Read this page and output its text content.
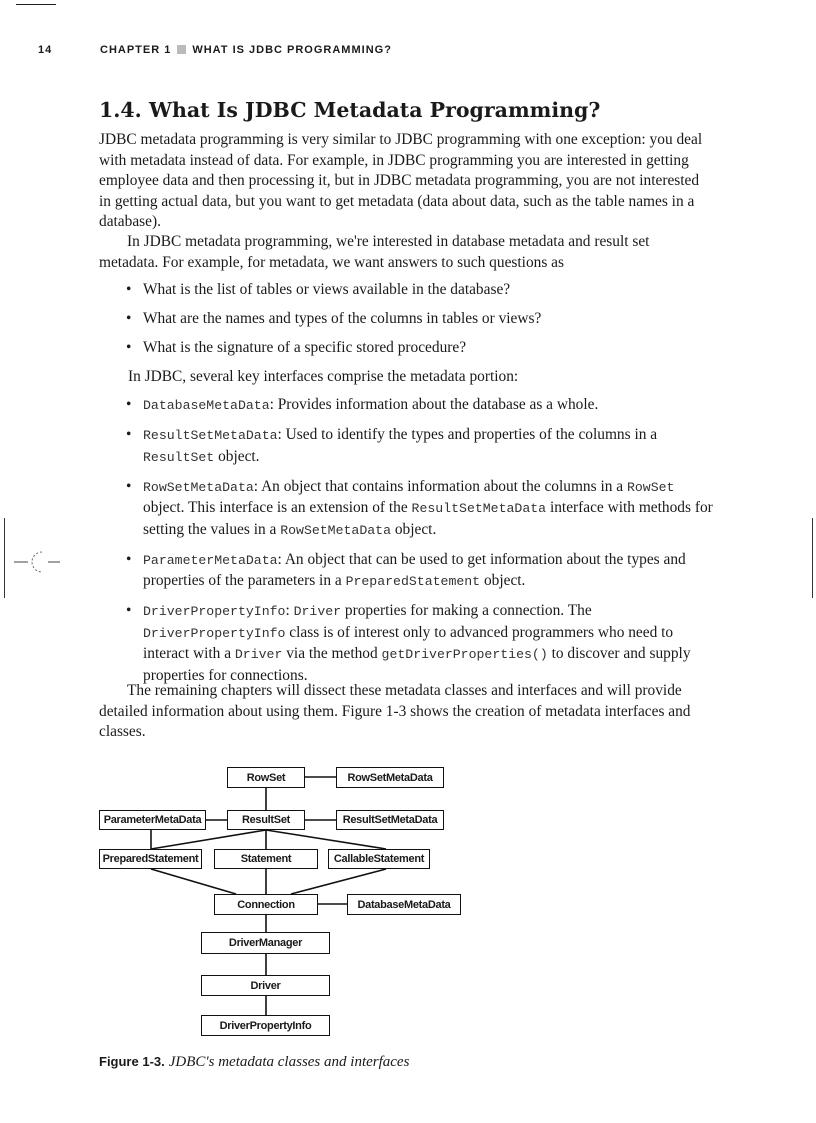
14	CHAPTER 1 WHAT IS JDBC PROGRAMMING?
1.4. What Is JDBC Metadata Programming?

JDBC metadata programming is very similar to JDBC programming with one exception: you deal with metadata instead of data. For example, in JDBC programming you are interested in getting employee data and then processing it, but in JDBC metadata programming, you are not interested in getting actual data, but you want to get metadata (data about data, such as the table names in a database).

In JDBC metadata programming, we're interested in database metadata and result set metadata. For example, for metadata, we want answers to such questions as

• What is the list of tables or views available in the database?
• What are the names and types of the columns in tables or views?
• What is the signature of a specific stored procedure?

In JDBC, several key interfaces comprise the metadata portion:

• DatabaseMetaData: Provides information about the database as a whole.
• ResultSetMetaData: Used to identify the types and properties of the columns in a ResultSet object.
• RowSetMetaData: An object that contains information about the columns in a RowSet object. This interface is an extension of the ResultSetMetaData interface with methods for setting the values in a RowSetMetaData object.
• ParameterMetaData: An object that can be used to get information about the types and properties of the parameters in a PreparedStatement object.
• DriverPropertyInfo: Driver properties for making a connection. The DriverPropertyInfo class is of interest only to advanced programmers who need to interact with a Driver via the method getDriverProperties() to discover and supply properties for connections.

The remaining chapters will dissect these metadata classes and interfaces and will provide detailed information about using them. Figure 1-3 shows the creation of metadata interfaces and classes.

RowSet	RowSetMetaData
ParameterMetaData	ResultSet	ResultSetMetaData
PreparedStatement	Statement	CallableStatement
Connection	DatabaseMetaData
DriverManager
Driver
DriverPropertyInfo

Figure 1-3. JDBC's metadata classes and interfaces
